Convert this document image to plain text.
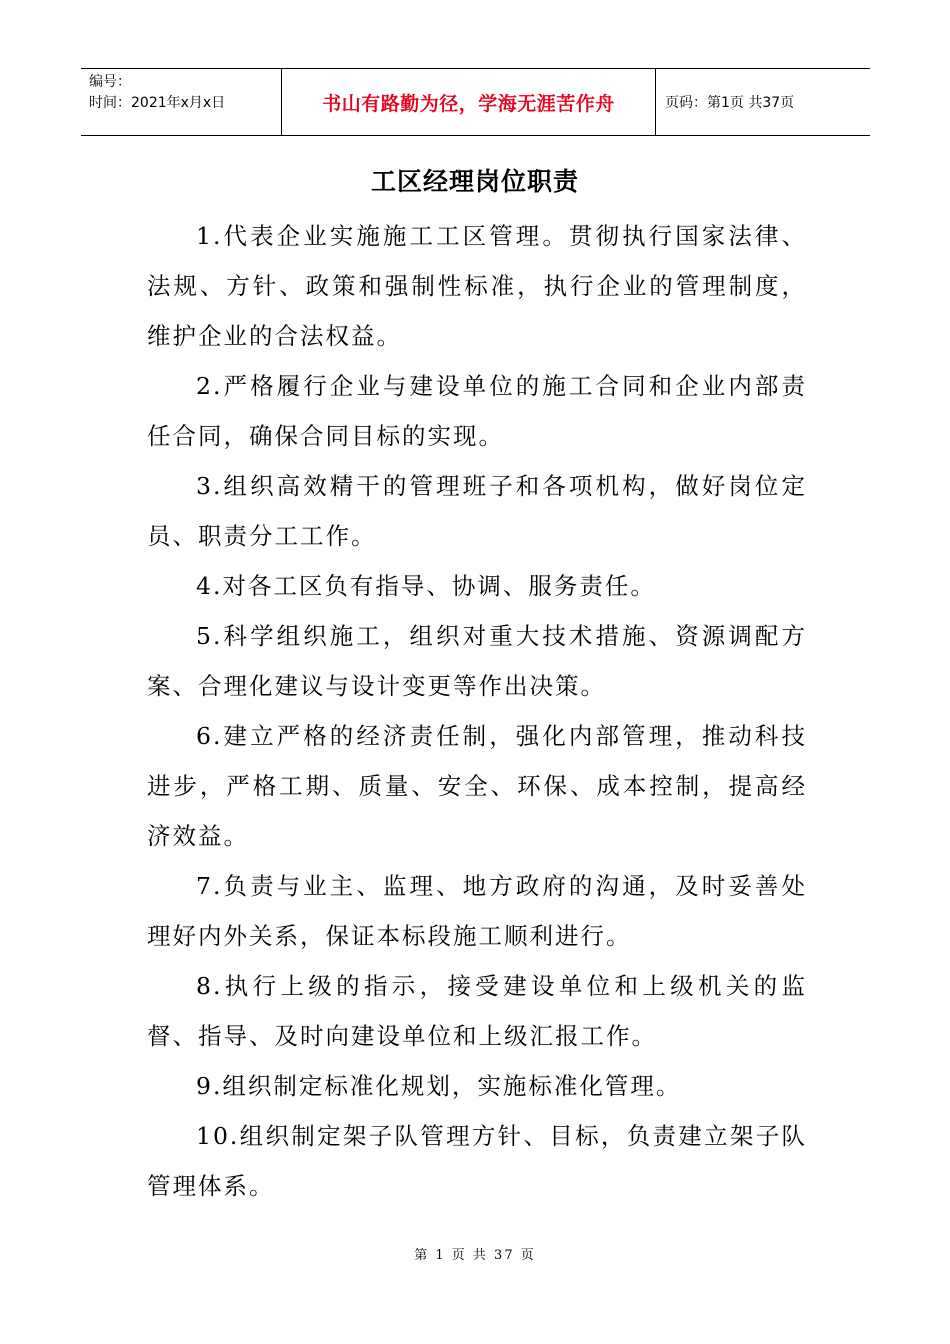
编号：
时间：2021年x月x日	书山有路勤为径，学海无涯苦作舟	页码：第1页 共37页
工区经理岗位职责

1.代表企业实施施工工区管理。贯彻执行国家法律、法规、方针、政策和强制性标准，执行企业的管理制度，维护企业的合法权益。

2.严格履行企业与建设单位的施工合同和企业内部责任合同，确保合同目标的实现。

3.组织高效精干的管理班子和各项机构，做好岗位定员、职责分工工作。

4.对各工区负有指导、协调、服务责任。

5.科学组织施工，组织对重大技术措施、资源调配方案、合理化建议与设计变更等作出决策。

6.建立严格的经济责任制，强化内部管理，推动科技进步，严格工期、质量、安全、环保、成本控制，提高经济效益。

7.负责与业主、监理、地方政府的沟通，及时妥善处理好内外关系，保证本标段施工顺利进行。

8.执行上级的指示，接受建设单位和上级机关的监督、指导、及时向建设单位和上级汇报工作。

9.组织制定标准化规划，实施标准化管理。

10.组织制定架子队管理方针、目标，负责建立架子队管理体系。

第 1 页 共 37 页
